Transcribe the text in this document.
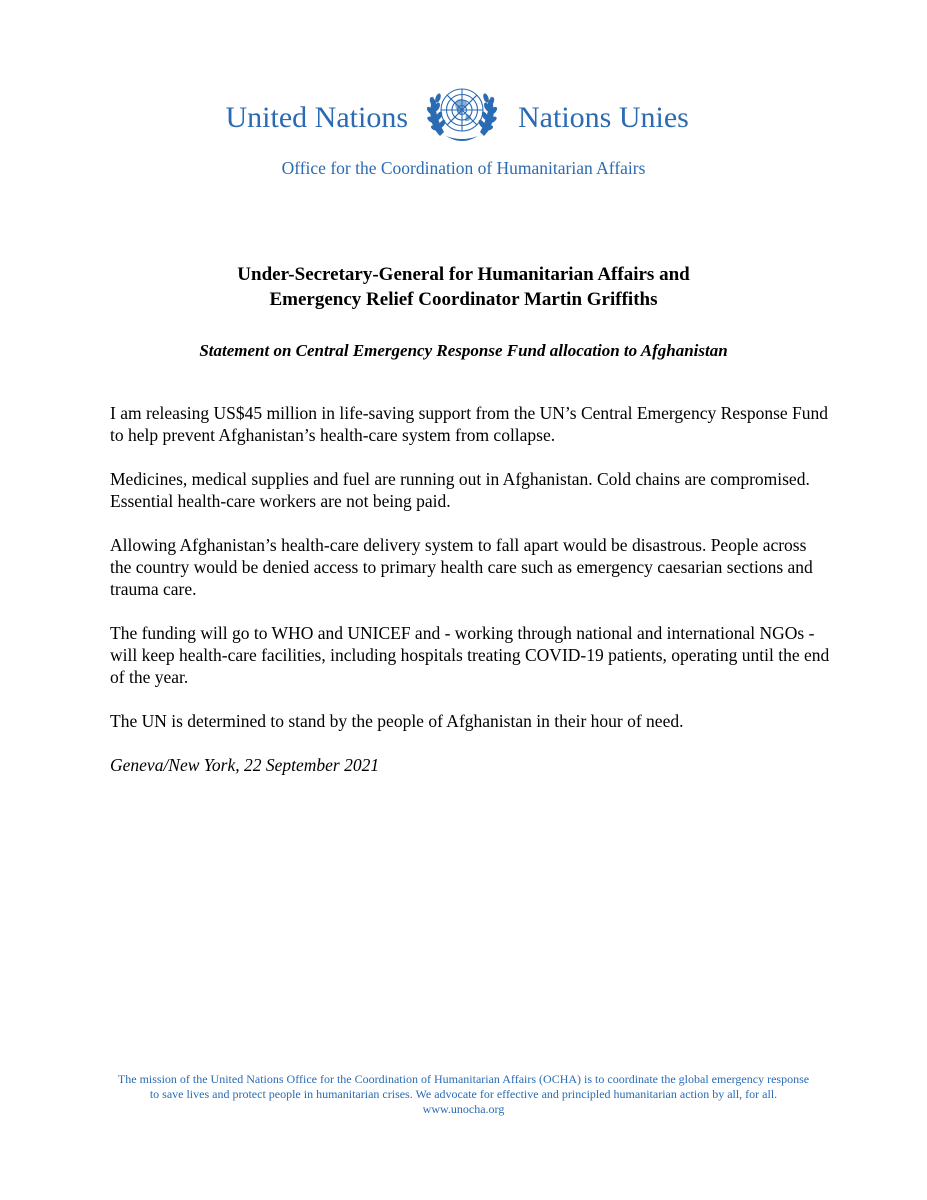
United Nations	Nations Unies
Office for the Coordination of Humanitarian Affairs
Under-Secretary-General for Humanitarian Affairs and
Emergency Relief Coordinator Martin Griffiths
Statement on Central Emergency Response Fund allocation to Afghanistan

I am releasing US$45 million in life-saving support from the UN’s Central Emergency Response Fund to help prevent Afghanistan’s health-care system from collapse.

Medicines, medical supplies and fuel are running out in Afghanistan. Cold chains are compromised. Essential health-care workers are not being paid.

Allowing Afghanistan’s health-care delivery system to fall apart would be disastrous. People across the country would be denied access to primary health care such as emergency caesarian sections and trauma care.

The funding will go to WHO and UNICEF and - working through national and international NGOs - will keep health-care facilities, including hospitals treating COVID-19 patients, operating until the end of the year.

The UN is determined to stand by the people of Afghanistan in their hour of need.

Geneva/New York, 22 September 2021

The mission of the United Nations Office for the Coordination of Humanitarian Affairs (OCHA) is to coordinate the global emergency response
to save lives and protect people in humanitarian crises. We advocate for effective and principled humanitarian action by all, for all.
www.unocha.org
